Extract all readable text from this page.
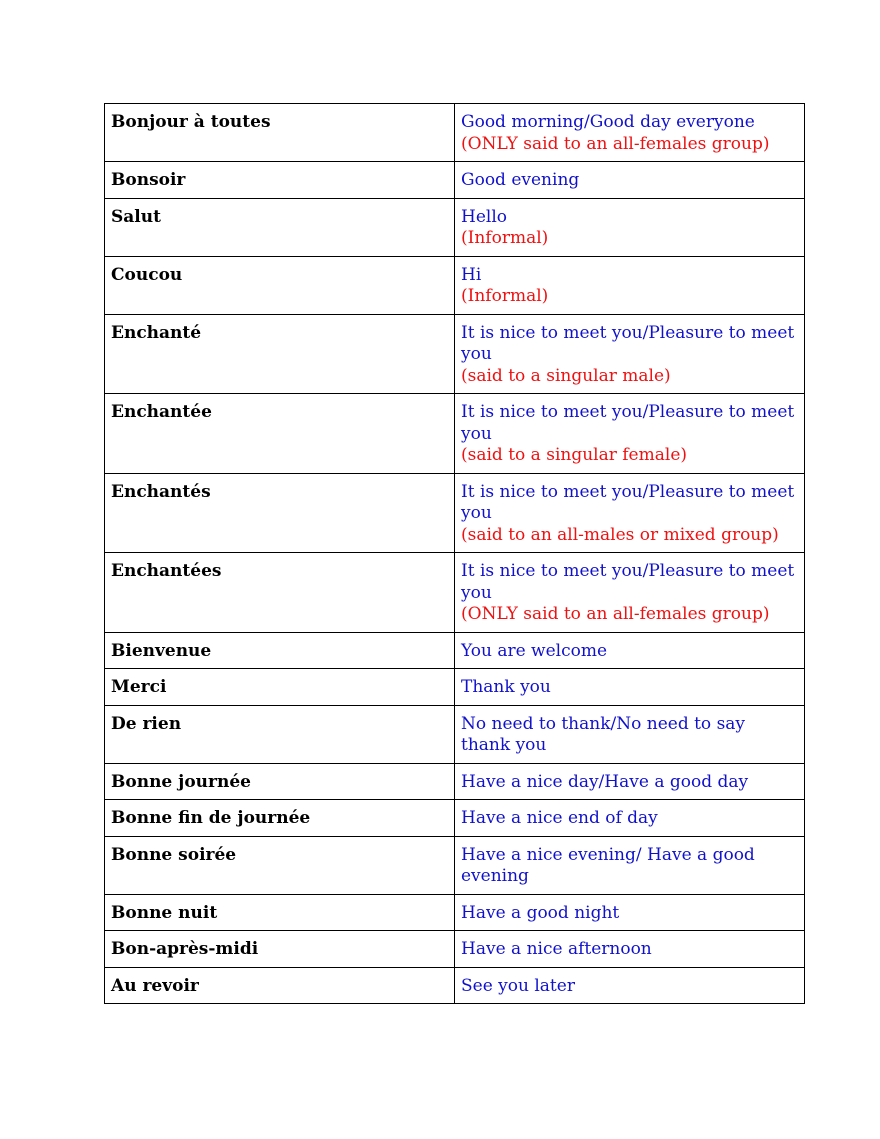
Bonjour à toutes	Good morning/Good day everyone
(ONLY said to an all-females group)

Bonsoir	Good evening

Salut	Hello
(Informal)

Coucou	Hi
(Informal)

Enchanté	It is nice to meet you/Pleasure to meet you
(said to a singular male)

Enchantée	It is nice to meet you/Pleasure to meet you
(said to a singular female)

Enchantés	It is nice to meet you/Pleasure to meet you
(said to an all-males or mixed group)

Enchantées	It is nice to meet you/Pleasure to meet you
(ONLY said to an all-females group)

Bienvenue	You are welcome

Merci	Thank you

De rien	No need to thank/No need to say thank you

Bonne journée	Have a nice day/Have a good day

Bonne fin de journée	Have a nice end of day

Bonne soirée	Have a nice evening/ Have a good evening

Bonne nuit	Have a good night

Bon-après-midi	Have a nice afternoon

Au revoir	See you later
